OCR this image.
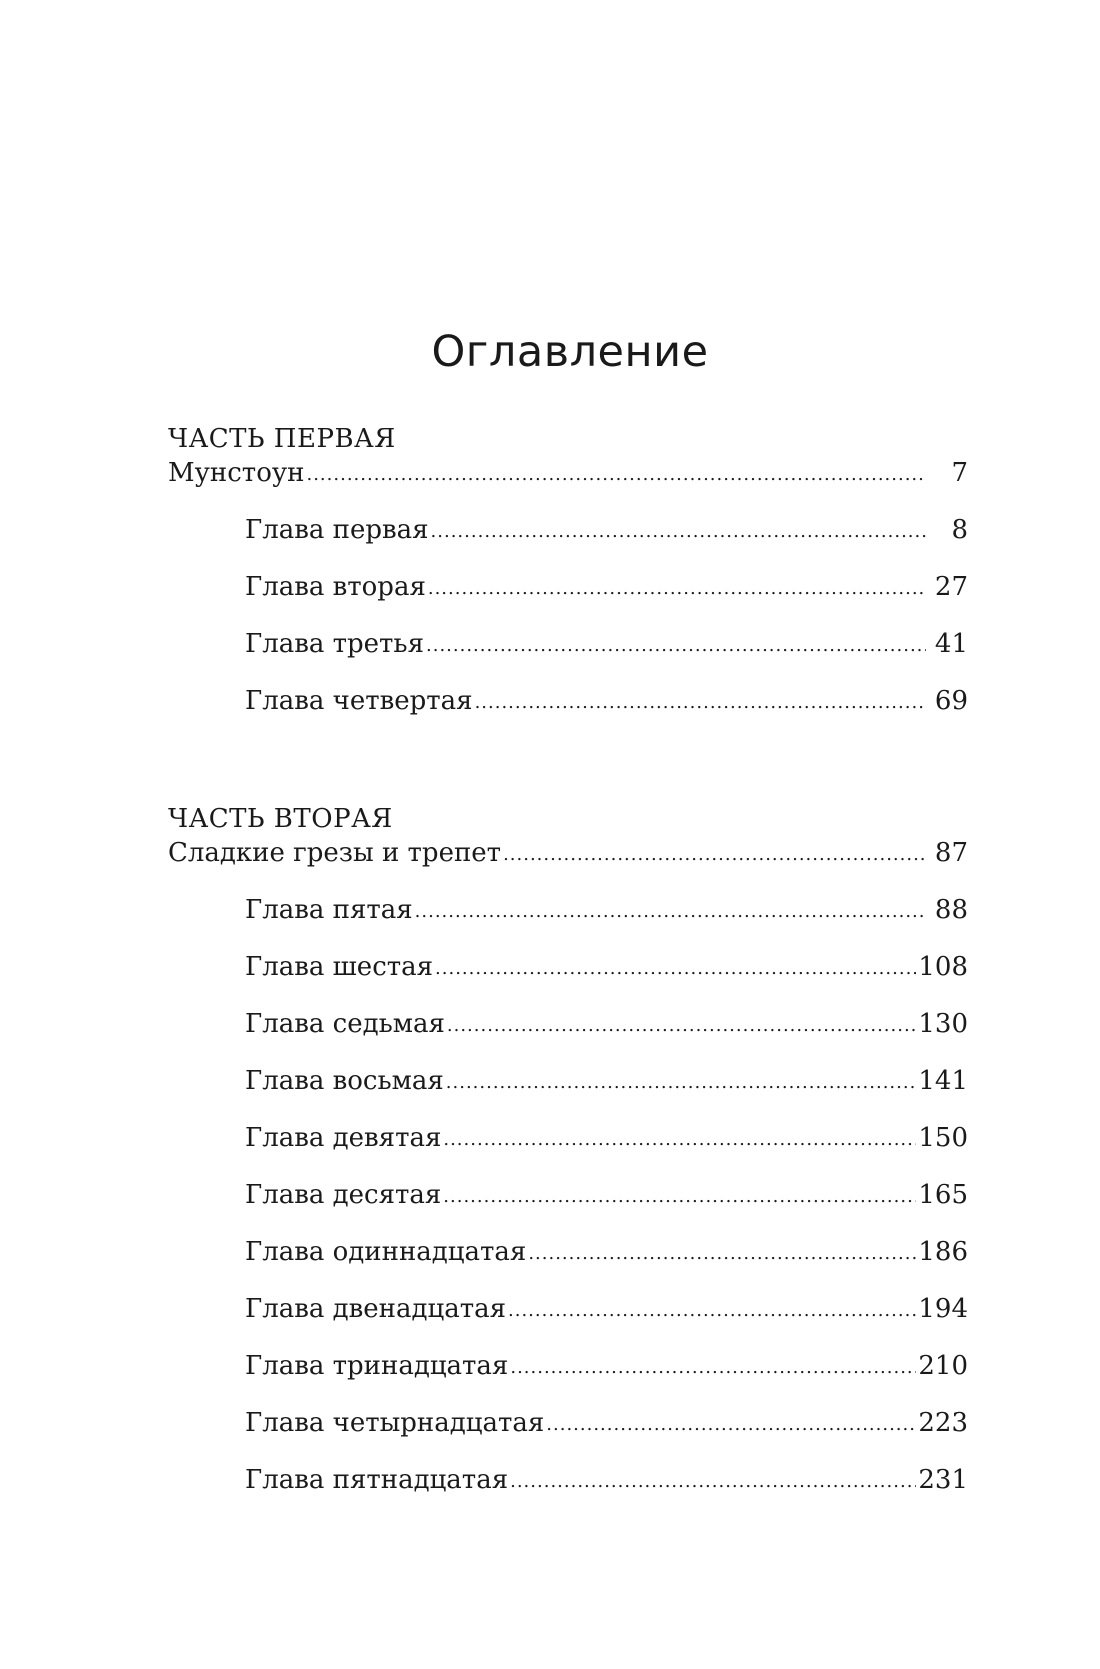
Оглавление
ЧАСТЬ ПЕРВАЯ
Мунстоун .....	7
Глава первая .....	8
Глава вторая .....	27
Глава третья .....	41
Глава четвертая .....	69
ЧАСТЬ ВТОРАЯ
Сладкие грезы и трепет .....	87
Глава пятая .....	88
Глава шестая .....	108
Глава седьмая .....	130
Глава восьмая .....	141
Глава девятая .....	150
Глава десятая .....	165
Глава одиннадцатая .....	186
Глава двенадцатая .....	194
Глава тринадцатая .....	210
Глава четырнадцатая .....	223
Глава пятнадцатая .....	231
